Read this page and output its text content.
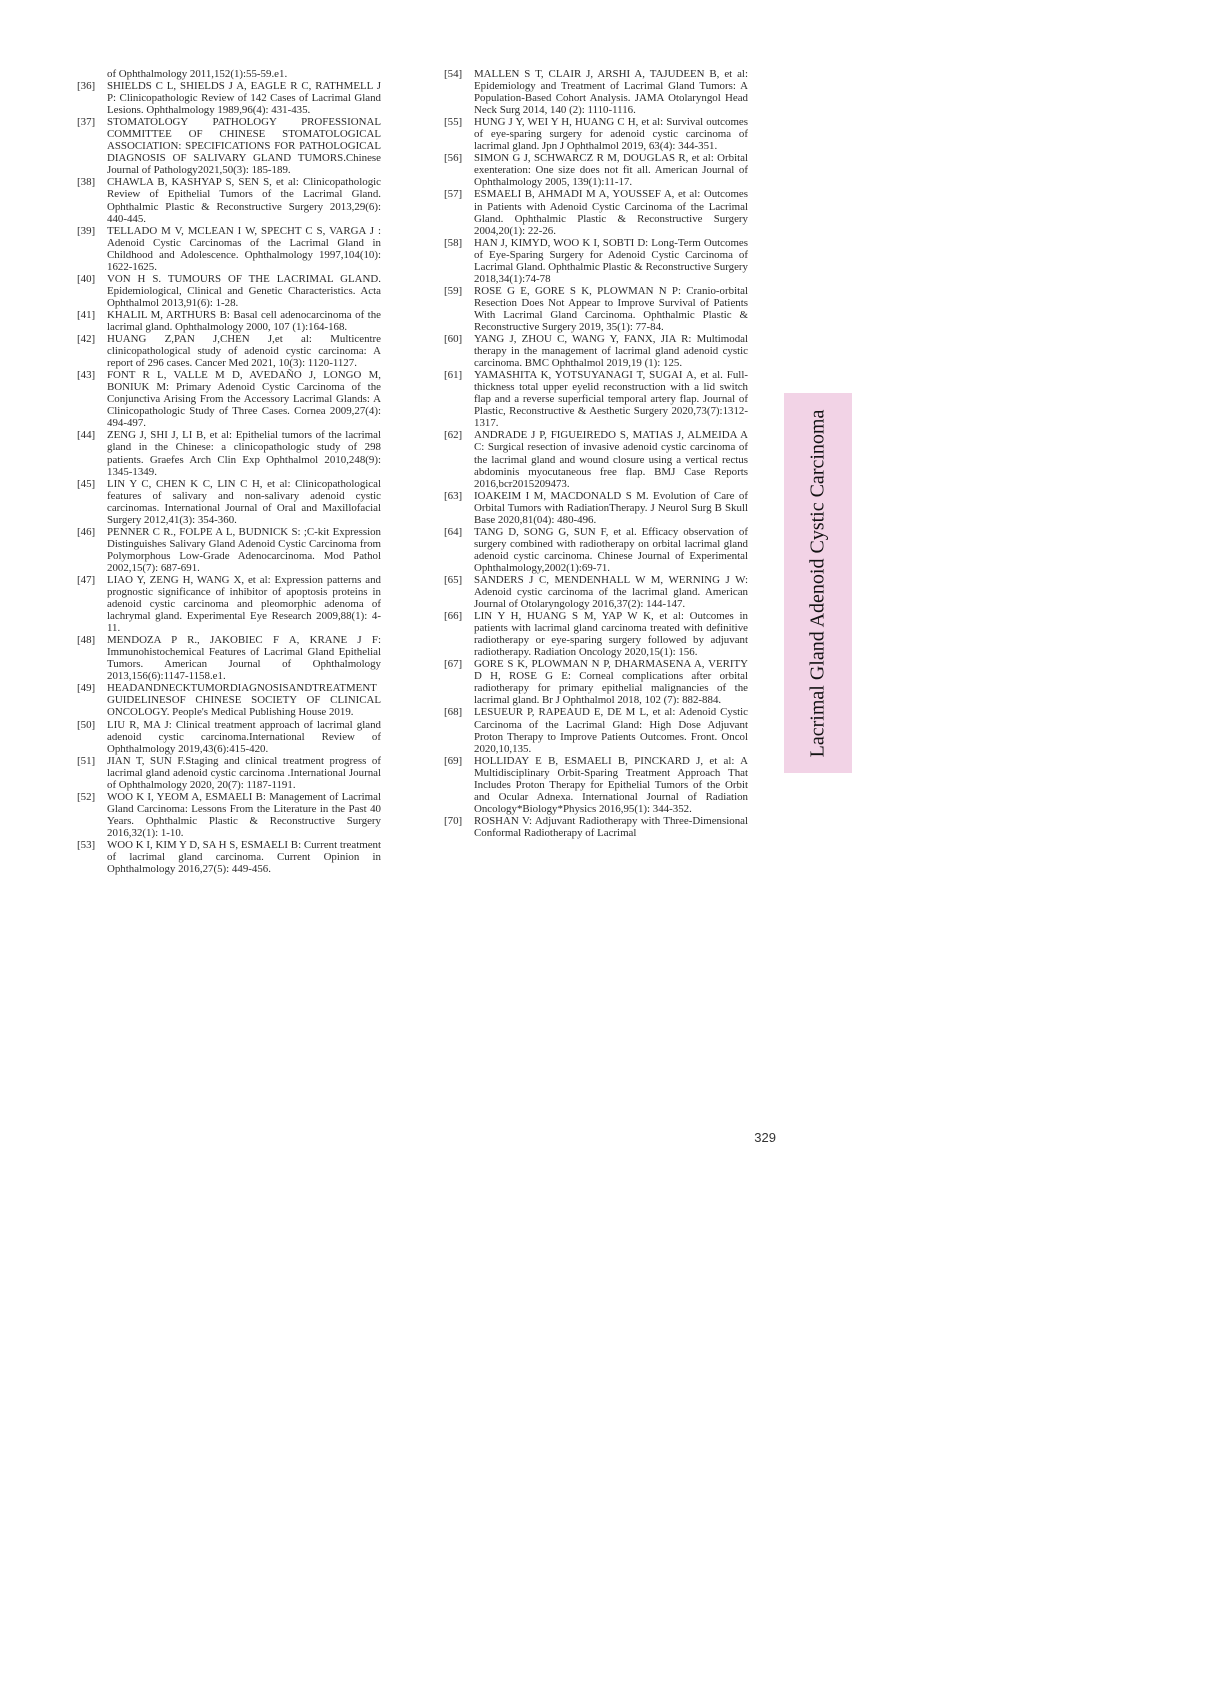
of Ophthalmology 2011,152(1):55-59.e1.

[36] SHIELDS C L, SHIELDS J A, EAGLE R C, RATHMELL J P: Clinicopathologic Review of 142 Cases of Lacrimal Gland Lesions. Ophthalmology 1989,96(4): 431-435.

[37] STOMATOLOGY PATHOLOGY PROFESSIONAL COMMITTEE OF CHINESE STOMATOLOGICAL ASSOCIATION: SPECIFICATIONS FOR PATHOLOGICAL DIAGNOSIS OF SALIVARY GLAND TUMORS.Chinese Journal of Pathology2021,50(3): 185-189.

[38] CHAWLA B, KASHYAP S, SEN S, et al: Clinicopathologic Review of Epithelial Tumors of the Lacrimal Gland. Ophthalmic Plastic & Reconstructive Surgery 2013,29(6): 440-445.

[39] TELLADO M V, MCLEAN I W, SPECHT C S, VARGA J : Adenoid Cystic Carcinomas of the Lacrimal Gland in Childhood and Adolescence. Ophthalmology 1997,104(10): 1622-1625.

[40] VON H S. TUMOURS OF THE LACRIMAL GLAND. Epidemiological, Clinical and Genetic Characteristics. Acta Ophthalmol 2013,91(6): 1-28.

[41] KHALIL M, ARTHURS B: Basal cell adenocarcinoma of the lacrimal gland. Ophthalmology 2000, 107 (1):164-168.

[42] HUANG Z,PAN J,CHEN J,et al: Multicentre clinicopathological study of adenoid cystic carcinoma: A report of 296 cases. Cancer Med 2021, 10(3): 1120-1127.

[43] FONT R L, VALLE M D, AVEDAÑO J, LONGO M, BONIUK M: Primary Adenoid Cystic Carcinoma of the Conjunctiva Arising From the Accessory Lacrimal Glands: A Clinicopathologic Study of Three Cases. Cornea 2009,27(4): 494-497.

[44] ZENG J, SHI J, LI B, et al: Epithelial tumors of the lacrimal gland in the Chinese: a clinicopathologic study of 298 patients. Graefes Arch Clin Exp Ophthalmol 2010,248(9): 1345-1349.

[45] LIN Y C, CHEN K C, LIN C H, et al: Clinicopathological features of salivary and non-salivary adenoid cystic carcinomas. International Journal of Oral and Maxillofacial Surgery 2012,41(3): 354-360.

[46] PENNER C R., FOLPE A L, BUDNICK S: ;C-kit Expression Distinguishes Salivary Gland Adenoid Cystic Carcinoma from Polymorphous Low-Grade Adenocarcinoma. Mod Pathol 2002,15(7): 687-691.

[47] LIAO Y, ZENG H, WANG X, et al: Expression patterns and prognostic significance of inhibitor of apoptosis proteins in adenoid cystic carcinoma and pleomorphic adenoma of lachrymal gland. Experimental Eye Research 2009,88(1): 4-11.

[48] MENDOZA P R., JAKOBIEC F A, KRANE J F: Immunohistochemical Features of Lacrimal Gland Epithelial Tumors. American Journal of Ophthalmology 2013,156(6):1147-1158.e1.

[49] HEADANDNECKTUMORDIAGNOSISANDTREATMENT GUIDELINESOF CHINESE SOCIETY OF CLINICAL ONCOLOGY. People's Medical Publishing House 2019.

[50] LIU R, MA J: Clinical treatment approach of lacrimal gland adenoid cystic carcinoma.International Review of Ophthalmology 2019,43(6):415-420.

[51] JIAN T, SUN F.Staging and clinical treatment progress of lacrimal gland adenoid cystic carcinoma .International Journal of Ophthalmology 2020, 20(7): 1187-1191.

[52] WOO K I, YEOM A, ESMAELI B: Management of Lacrimal Gland Carcinoma: Lessons From the Literature in the Past 40 Years. Ophthalmic Plastic & Reconstructive Surgery 2016,32(1): 1-10.

[53] WOO K I, KIM Y D, SA H S, ESMAELI B: Current treatment of lacrimal gland carcinoma. Current Opinion in Ophthalmology 2016,27(5): 449-456.

[54] MALLEN S T, CLAIR J, ARSHI A, TAJUDEEN B, et al: Epidemiology and Treatment of Lacrimal Gland Tumors: A Population-Based Cohort Analysis. JAMA Otolaryngol Head Neck Surg 2014, 140 (2): 1110-1116.

[55] HUNG J Y, WEI Y H, HUANG C H, et al: Survival outcomes of eye-sparing surgery for adenoid cystic carcinoma of lacrimal gland. Jpn J Ophthalmol 2019, 63(4): 344-351.

[56] SIMON G J, SCHWARCZ R M, DOUGLAS R, et al: Orbital exenteration: One size does not fit all. American Journal of Ophthalmology 2005, 139(1):11-17.

[57] ESMAELI B, AHMADI M A, YOUSSEF A, et al: Outcomes in Patients with Adenoid Cystic Carcinoma of the Lacrimal Gland. Ophthalmic Plastic & Reconstructive Surgery 2004,20(1): 22-26.

[58] HAN J, KIMYD, WOO K I, SOBTI D: Long-Term Outcomes of Eye-Sparing Surgery for Adenoid Cystic Carcinoma of Lacrimal Gland. Ophthalmic Plastic & Reconstructive Surgery 2018,34(1):74-78

[59] ROSE G E, GORE S K, PLOWMAN N P: Cranio-orbital Resection Does Not Appear to Improve Survival of Patients With Lacrimal Gland Carcinoma. Ophthalmic Plastic & Reconstructive Surgery 2019, 35(1): 77-84.

[60] YANG J, ZHOU C, WANG Y, FANX, JIA R: Multimodal therapy in the management of lacrimal gland adenoid cystic carcinoma. BMC Ophthalmol 2019,19 (1): 125.

[61] YAMASHITA K, YOTSUYANAGI T, SUGAI A, et al. Full-thickness total upper eyelid reconstruction with a lid switch flap and a reverse superficial temporal artery flap. Journal of Plastic, Reconstructive & Aesthetic Surgery 2020,73(7):1312-1317.

[62] ANDRADE J P, FIGUEIREDO S, MATIAS J, ALMEIDA A C: Surgical resection of invasive adenoid cystic carcinoma of the lacrimal gland and wound closure using a vertical rectus abdominis myocutaneous free flap. BMJ Case Reports 2016,bcr2015209473.

[63] IOAKEIM I M, MACDONALD S M. Evolution of Care of Orbital Tumors with RadiationTherapy. J Neurol Surg B Skull Base 2020,81(04): 480-496.

[64] TANG D, SONG G, SUN F, et al. Efficacy observation of surgery combined with radiotherapy on orbital lacrimal gland adenoid cystic carcinoma. Chinese Journal of Experimental Ophthalmology,2002(1):69-71.

[65] SANDERS J C, MENDENHALL W M, WERNING J W: Adenoid cystic carcinoma of the lacrimal gland. American Journal of Otolaryngology 2016,37(2): 144-147.

[66] LIN Y H, HUANG S M, YAP W K, et al: Outcomes in patients with lacrimal gland carcinoma treated with definitive radiotherapy or eye-sparing surgery followed by adjuvant radiotherapy. Radiation Oncology 2020,15(1): 156.

[67] GORE S K, PLOWMAN N P, DHARMASENA A, VERITY D H, ROSE G E: Corneal complications after orbital radiotherapy for primary epithelial malignancies of the lacrimal gland. Br J Ophthalmol 2018, 102 (7): 882-884.

[68] LESUEUR P, RAPEAUD E, DE M L, et al: Adenoid Cystic Carcinoma of the Lacrimal Gland: High Dose Adjuvant Proton Therapy to Improve Patients Outcomes. Front. Oncol 2020,10,135.

[69] HOLLIDAY E B, ESMAELI B, PINCKARD J, et al: A Multidisciplinary Orbit-Sparing Treatment Approach That Includes Proton Therapy for Epithelial Tumors of the Orbit and Ocular Adnexa. International Journal of Radiation Oncology*Biology*Physics 2016,95(1): 344-352.

[70] ROSHAN V: Adjuvant Radiotherapy with Three-Dimensional Conformal Radiotherapy of Lacrimal

329
Lacrimal Gland Adenoid Cystic Carcinoma
